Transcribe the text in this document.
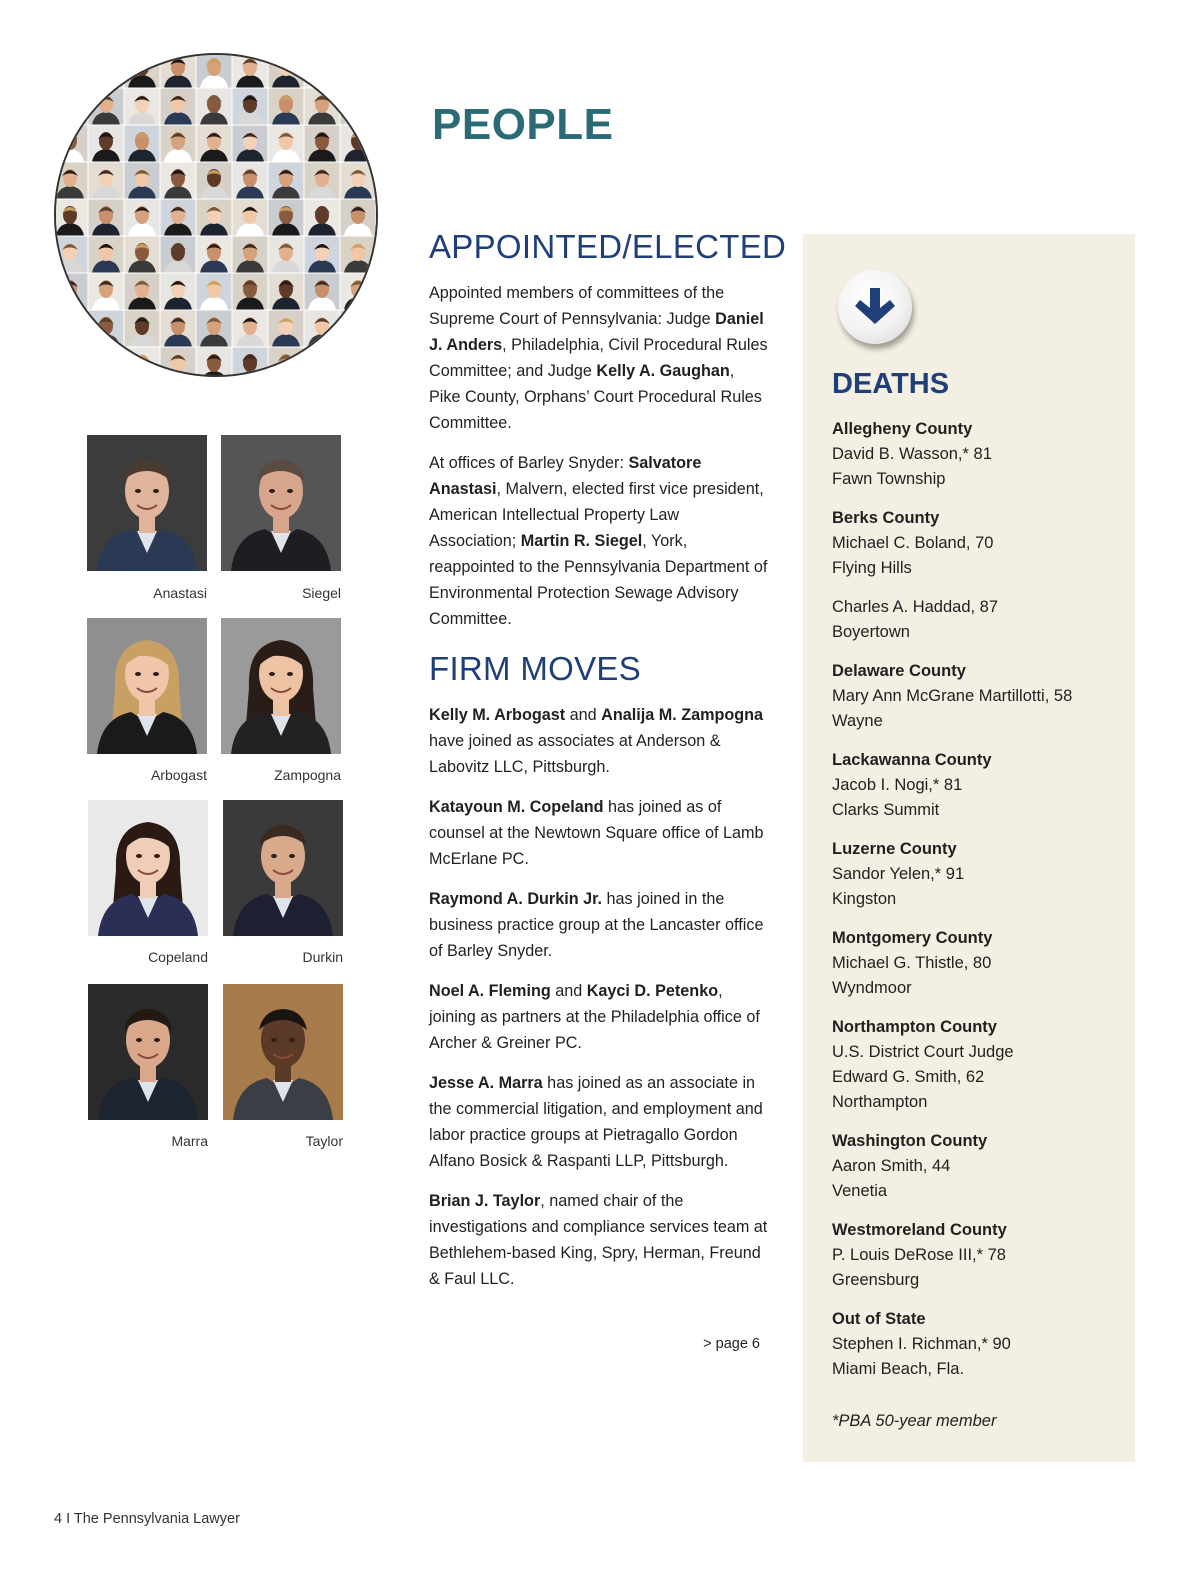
PEOPLE
Anastasi	Siegel
Arbogast	Zampogna
Copeland	Durkin
Marra	Taylor
APPOINTED/ELECTED

Appointed members of committees of the Supreme Court of Pennsylvania: Judge Daniel J. Anders, Philadelphia, Civil Procedural Rules Committee; and Judge Kelly A. Gaughan, Pike County, Orphans’ Court Procedural Rules Committee.

At offices of Barley Snyder: Salvatore Anastasi, Malvern, elected first vice president, American Intellectual Property Law Association; Martin R. Siegel, York, reappointed to the Pennsylvania Department of Environmental Protection Sewage Advisory Committee.

FIRM MOVES

Kelly M. Arbogast and Analija M. Zampogna have joined as associates at Anderson & Labovitz LLC, Pittsburgh.

Katayoun M. Copeland has joined as of counsel at the Newtown Square office of Lamb McErlane PC.

Raymond A. Durkin Jr. has joined in the business practice group at the Lancaster office of Barley Snyder.

Noel A. Fleming and Kayci D. Petenko, joining as partners at the Philadelphia office of Archer & Greiner PC.

Jesse A. Marra has joined as an associate in the commercial litigation, and employment and labor practice groups at Pietragallo Gordon Alfano Bosick & Raspanti LLP, Pittsburgh.

Brian J. Taylor, named chair of the investigations and compliance services team at Bethlehem-based King, Spry, Herman, Freund & Faul LLC.

> page 6
DEATHS
Allegheny County
David B. Wasson,* 81
Fawn Township
Berks County
Michael C. Boland, 70
Flying Hills
Charles A. Haddad, 87
Boyertown
Delaware County
Mary Ann McGrane Martillotti, 58
Wayne
Lackawanna County
Jacob I. Nogi,* 81
Clarks Summit
Luzerne County
Sandor Yelen,* 91
Kingston
Montgomery County
Michael G. Thistle, 80
Wyndmoor
Northampton County
U.S. District Court Judge
Edward G. Smith, 62
Northampton
Washington County
Aaron Smith, 44
Venetia
Westmoreland County
P. Louis DeRose III,* 78
Greensburg
Out of State
Stephen I. Richman,* 90
Miami Beach, Fla.
*PBA 50-year member
4 I The Pennsylvania Lawyer
